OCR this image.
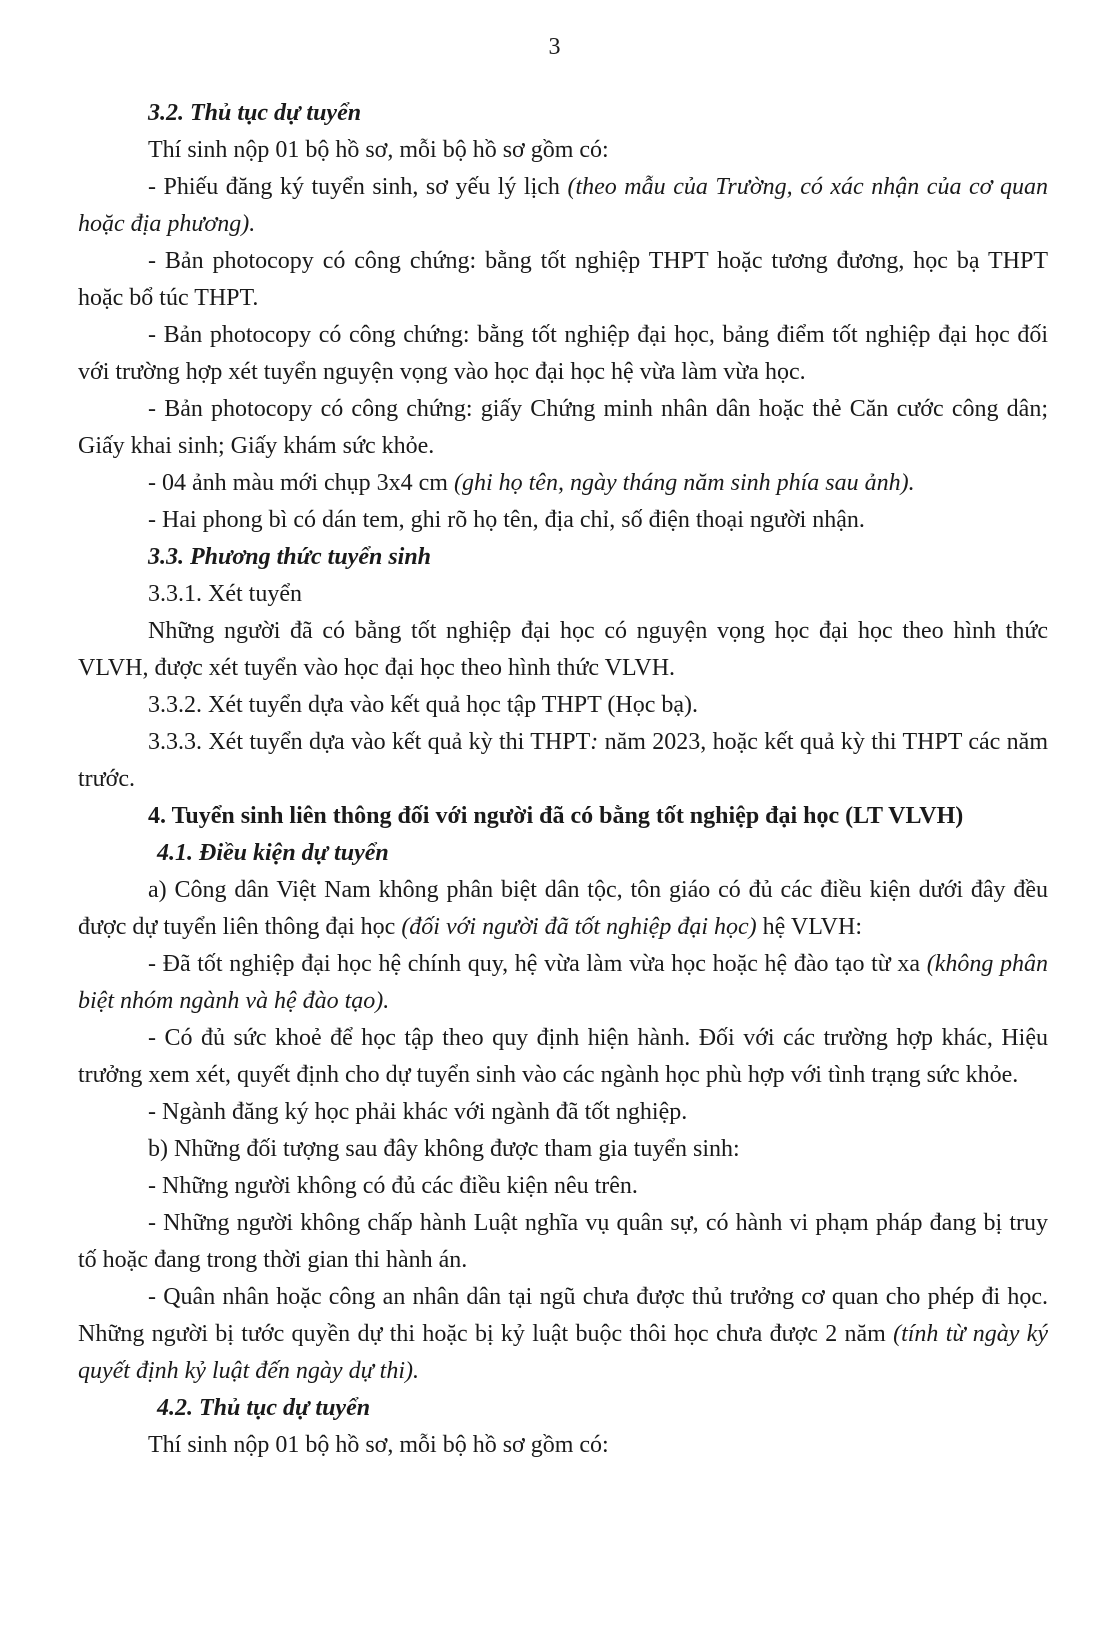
3

3.2. Thủ tục dự tuyển

Thí sinh nộp 01 bộ hồ sơ, mỗi bộ hồ sơ gồm có:

- Phiếu đăng ký tuyển sinh, sơ yếu lý lịch (theo mẫu của Trường, có xác nhận của cơ quan hoặc địa phương).

- Bản photocopy có công chứng: bằng tốt nghiệp THPT hoặc tương đương, học bạ THPT hoặc bổ túc THPT.

- Bản photocopy có công chứng: bằng tốt nghiệp đại học, bảng điểm tốt nghiệp đại học đối với trường hợp xét tuyển nguyện vọng vào học đại học hệ vừa làm vừa học.

- Bản photocopy có công chứng: giấy Chứng minh nhân dân hoặc thẻ Căn cước công dân; Giấy khai sinh; Giấy khám sức khỏe.

- 04 ảnh màu mới chụp 3x4 cm (ghi họ tên, ngày tháng năm sinh phía sau ảnh).

- Hai phong bì có dán tem, ghi rõ họ tên, địa chỉ, số điện thoại người nhận.

3.3. Phương thức tuyển sinh

3.3.1. Xét tuyển

Những người đã có bằng tốt nghiệp đại học có nguyện vọng học đại học theo hình thức VLVH, được xét tuyển vào học đại học theo hình thức VLVH.

3.3.2. Xét tuyển dựa vào kết quả học tập THPT (Học bạ).

3.3.3. Xét tuyển dựa vào kết quả kỳ thi THPT: năm 2023, hoặc kết quả kỳ thi THPT các năm trước.

4. Tuyển sinh liên thông đối với người đã có bằng tốt nghiệp đại học (LT VLVH)

4.1. Điều kiện dự tuyển

a) Công dân Việt Nam không phân biệt dân tộc, tôn giáo có đủ các điều kiện dưới đây đều được dự tuyển liên thông đại học (đối với người đã tốt nghiệp đại học) hệ VLVH:

- Đã tốt nghiệp đại học hệ chính quy, hệ vừa làm vừa học hoặc hệ đào tạo từ xa (không phân biệt nhóm ngành và hệ đào tạo).

- Có đủ sức khoẻ để học tập theo quy định hiện hành. Đối với các trường hợp khác, Hiệu trưởng xem xét, quyết định cho dự tuyển sinh vào các ngành học phù hợp với tình trạng sức khỏe.

- Ngành đăng ký học phải khác với ngành đã tốt nghiệp.

b) Những đối tượng sau đây không được tham gia tuyển sinh:

- Những người không có đủ các điều kiện nêu trên.

- Những người không chấp hành Luật nghĩa vụ quân sự, có hành vi phạm pháp đang bị truy tố hoặc đang trong thời gian thi hành án.

- Quân nhân hoặc công an nhân dân tại ngũ chưa được thủ trưởng cơ quan cho phép đi học. Những người bị tước quyền dự thi hoặc bị kỷ luật buộc thôi học chưa được 2 năm (tính từ ngày ký quyết định kỷ luật đến ngày dự thi).

4.2. Thủ tục dự tuyển

Thí sinh nộp 01 bộ hồ sơ, mỗi bộ hồ sơ gồm có:
